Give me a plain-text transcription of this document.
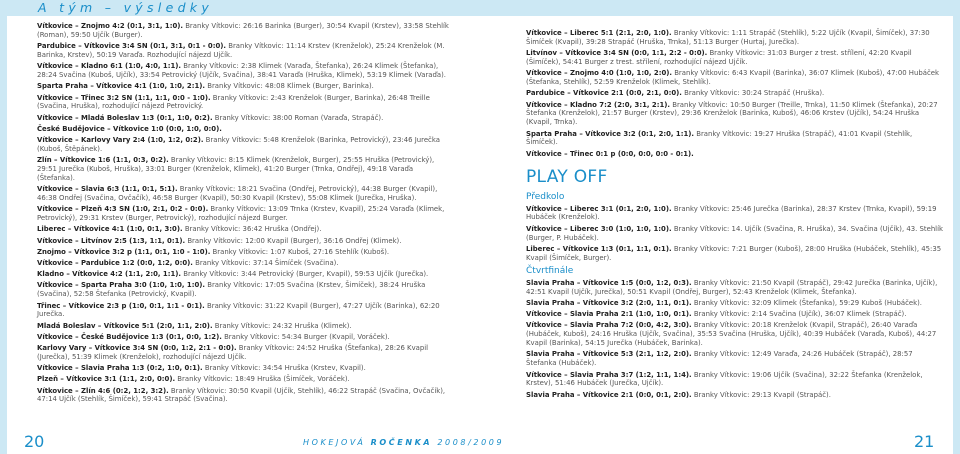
A tým – výsledky

Vítkovice – Znojmo 4:2 (0:1, 3:1, 1:0). Branky Vítkovic: 26:16 Barinka (Burger), 30:54 Kvapil (Krstev), 33:58 Stehlík (Roman), 59:50 Ujčík (Burger).

Pardubice – Vítkovice 3:4 SN (0:1, 3:1, 0:1 - 0:0). Branky Vítkovic: 11:14 Krstev (Krenželok), 25:24 Krenželok (M. Barinka, Krstev), 50:19 Varaďa. Rozhodující nájezd Ujčík.

Vítkovice – Kladno 6:1 (1:0, 4:0, 1:1). Branky Vítkovic: 2:38 Klimek (Varaďa, Štefanka), 26:24 Klimek (Štefanka), 28:24 Svačina (Kuboš, Ujčík), 33:54 Petrovický (Ujčík, Svačina), 38:41 Varaďa (Hruška, Klimek), 53:19 Klimek (Varaďa).

Sparta Praha – Vítkovice 4:1 (1:0, 1:0, 2:1). Branky Vítkovic: 48:08 Klimek (Burger, Barinka).

Vítkovice – Třinec 3:2 SN (1:1, 1:1, 0:0 - 1:0). Branky Vítkovic: 2:43 Krenželok (Burger, Barinka), 26:48 Treille (Svačina, Hruška), rozhodující nájezd Petrovický.

Vítkovice – Mladá Boleslav 1:3 (0:1, 1:0, 0:2). Branky Vítkovic: 38:00 Roman (Varaďa, Strapáč).

České Budějovice – Vítkovice 1:0 (0:0, 1:0, 0:0).

Vítkovice – Karlovy Vary 2:4 (1:0, 1:2, 0:2). Branky Vítkovic: 5:48 Krenželok (Barinka, Petrovický), 23:46 Jurečka (Kuboš, Štěpánek).

Zlín – Vítkovice 1:6 (1:1, 0:3, 0:2). Branky Vítkovic: 8:15 Klimek (Krenželok, Burger), 25:55 Hruška (Petrovický), 29:51 Jurečka (Kuboš, Hruška), 33:01 Burger (Krenželok, Klimek), 41:20 Burger (Trnka, Ondřej), 49:18 Varaďa (Štefanka).

Vítkovice – Slavia 6:3 (1:1, 0:1, 5:1). Branky Vítkovic: 18:21 Svačina (Ondřej, Petrovický), 44:38 Burger (Kvapil), 46:38 Ondřej (Svačina, Ovčačík), 46:58 Burger (Kvapil), 50:30 Kvapil (Krstev), 55:08 Klimek (Jurečka, Hruška).

Vítkovice – Plzeň 4:3 SN (1:0, 2:1, 0:2 - 0:0). Branky Vítkovic: 13:09 Trnka (Krstev, Kvapil), 25:24 Varaďa (Klimek, Petrovický), 29:31 Krstev (Burger, Petrovický), rozhodující nájezd Burger.

Liberec – Vítkovice 4:1 (1:0, 0:1, 3:0). Branky Vítkovic: 36:42 Hruška (Ondřej).

Vítkovice – Litvínov 2:5 (1:3, 1:1, 0:1). Branky Vítkovic: 12:00 Kvapil (Burger), 36:16 Ondřej (Klimek).

Znojmo – Vítkovice 3:2 p (1:1, 0:1, 1:0 - 1:0). Branky Vítkovic: 1:07 Kuboš, 27:16 Stehlík (Kuboš).

Vítkovice – Pardubice 1:2 (0:0, 1:2, 0:0). Branky Vítkovic: 37:14 Šimíček (Svačina).

Kladno – Vítkovice 4:2 (1:1, 2:0, 1:1). Branky Vítkovic: 3:44 Petrovický (Burger, Kvapil), 59:53 Ujčík (Jurečka).

Vítkovice – Sparta Praha 3:0 (1:0, 1:0, 1:0). Branky Vítkovic: 17:05 Svačina (Krstev, Šimíček), 38:24 Hruška (Svačina), 52:58 Štefanka (Petrovický, Kvapil).

Třinec – Vítkovice 2:3 p (1:0, 0:1, 1:1 - 0:1). Branky Vítkovic: 31:22 Kvapil (Burger), 47:27 Ujčík (Barinka), 62:20 Jurečka.

Mladá Boleslav – Vítkovice 5:1 (2:0, 1:1, 2:0). Branky Vítkovic: 24:32 Hruška (Klimek).

Vítkovice – České Budějovice 1:3 (0:1, 0:0, 1:2). Branky Vítkovic: 54:34 Burger (Kvapil, Voráček).

Karlovy Vary – Vítkovice 3:4 SN (0:0, 1:2, 2:1 - 0:0). Branky Vítkovic: 24:52 Hruška (Štefanka), 28:26 Kvapil (Jurečka), 51:39 Klimek (Krenželok), rozhodující nájezd Ujčík.

Vítkovice – Slavia Praha 1:3 (0:2, 1:0, 0:1). Branky Vítkovic: 34:54 Hruška (Krstev, Kvapil).

Plzeň – Vítkovice 3:1 (1:1, 2:0, 0:0). Branky Vítkovic: 18:49 Hruška (Šimíček, Voráček).

Vítkovice – Zlín 4:6 (0:2, 1:2, 3:2). Branky Vítkovic: 30:50 Kvapil (Ujčík, Stehlík), 46:22 Strapáč (Svačina, Ovčačík), 47:14 Ujčík (Stehlík, Šimíček), 59:41 Strapáč (Svačina).

Vítkovice – Liberec 5:1 (2:1, 2:0, 1:0). Branky Vítkovic: 1:11 Strapáč (Stehlík), 5:22 Ujčík (Kvapil, Šimíček), 37:30 Šimíček (Kvapil), 39:28 Strapáč (Hruška, Trnka), 51:13 Burger (Hurtaj, Jurečka).

Litvínov – Vítkovice 3:4 SN (0:0, 1:1, 2:2 - 0:0). Branky Vítkovic: 31:03 Burger z trest. střílení, 42:20 Kvapil (Šimíček), 54:41 Burger z trest. střílení, rozhodující nájezd Ujčík.

Vítkovice – Znojmo 4:0 (1:0, 1:0, 2:0). Branky Vítkovic: 6:43 Kvapil (Barinka), 36:07 Klimek (Kuboš), 47:00 Hubáček (Štefanka, Stehlík), 52:59 Krenželok (Klimek, Stehlík).

Pardubice – Vítkovice 2:1 (0:0, 2:1, 0:0). Branky Vítkovic: 30:24 Strapáč (Hruška).

Vítkovice – Kladno 7:2 (2:0, 3:1, 2:1). Branky Vítkovic: 10:50 Burger (Treille, Trnka), 11:50 Klimek (Štefanka), 20:27 Štefanka (Krenželok), 21:57 Burger (Krstev), 29:36 Krenželok (Barinka, Kuboš), 46:06 Krstev (Ujčík), 54:24 Hruška (Kvapil, Trnka).

Sparta Praha – Vítkovice 3:2 (0:1, 2:0, 1:1). Branky Vítkovic: 19:27 Hruška (Strapáč), 41:01 Kvapil (Stehlík, Šimíček).

Vítkovice – Třinec 0:1 p (0:0, 0:0, 0:0 - 0:1).

PLAY OFF
Předkolo

Vítkovice – Liberec 3:1 (0:1, 2:0, 1:0). Branky Vítkovic: 25:46 Jurečka (Barinka), 28:37 Krstev (Trnka, Kvapil), 59:19 Hubáček (Krenželok).

Vítkovice – Liberec 3:0 (1:0, 1:0, 1:0). Branky Vítkovic: 14. Ujčík (Svačina, R. Hruška), 34. Svačina (Ujčík), 43. Stehlík (Burger, P. Hubáček).

Liberec – Vítkovice 1:3 (0:1, 1:1, 0:1). Branky Vítkovic: 7:21 Burger (Kuboš), 28:00 Hruška (Hubáček, Stehlík), 45:35 Kvapil (Šimíček, Burger).

Čtvrtfinále

Slavia Praha – Vítkovice 1:5 (0:0, 1:2, 0:3). Branky Vítkovic: 21:50 Kvapil (Strapáč), 29:42 Jurečka (Barinka, Ujčík), 42:51 Kvapil (Ujčík, Jurečka), 50:51 Kvapil (Ondřej, Burger), 52:43 Krenželok (Klimek, Štefanka).

Slavia Praha – Vítkovice 3:2 (2:0, 1:1, 0:1). Branky Vítkovic: 32:09 Klimek (Štefanka), 59:29 Kuboš (Hubáček).

Vítkovice – Slavia Praha 2:1 (1:0, 1:0, 0:1). Branky Vítkovic: 2:14 Svačina (Ujčík), 36:07 Klimek (Strapáč).

Vítkovice – Slavia Praha 7:2 (0:0, 4:2, 3:0). Branky Vítkovic: 20:18 Krenželok (Kvapil, Strapáč), 26:40 Varaďa (Hubáček, Kuboš), 24:16 Hruška (Ujčík, Svačina), 35:53 Svačina (Hruška, Ujčík), 40:39 Hubáček (Varaďa, Kuboš), 44:27 Kvapil (Barinka), 54:15 Jurečka (Hubáček, Barinka).

Slavia Praha – Vítkovice 5:3 (2:1, 1:2, 2:0). Branky Vítkovic: 12:49 Varaďa, 24:26 Hubáček (Strapáč), 28:57 Štefanka (Hubáček).

Vítkovice – Slavia Praha 3:7 (1:2, 1:1, 1:4). Branky Vítkovic: 19:06 Ujčík (Svačina), 32:22 Štefanka (Krenželok, Krstev), 51:46 Hubáček (Jurečka, Ujčík).

Slavia Praha – Vítkovice 2:1 (0:0, 0:1, 2:0). Branky Vítkovic: 29:13 Kvapil (Strapáč).

20	HOKEJOVÁ ROČENKA 2008/2009	21
